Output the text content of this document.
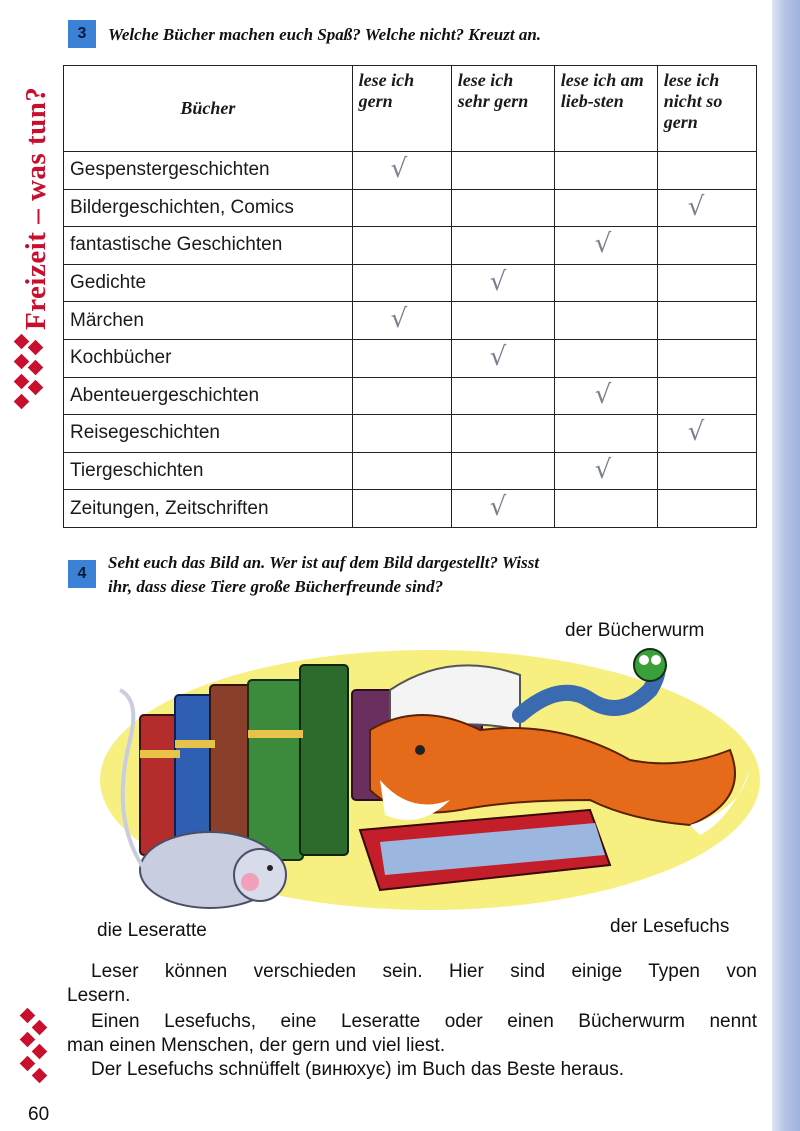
Freizeit – was tun?
3	Welche Bücher machen euch Spaß? Welche nicht? Kreuzt an.
Bücher	lese ich gern	lese ich sehr gern	lese ich am lieb-sten	lese ich nicht so gern
Gespenstergeschichten	√			

Bildergeschichten, Comics				√

fantastische Geschichten			√	

Gedichte		√		

Märchen	√			

Kochbücher		√		

Abenteuergeschichten			√	

Reisegeschichten				√

Tiergeschichten			√	

Zeitungen, Zeitschriften		√		

4
Seht euch das Bild an. Wer ist auf dem Bild dargestellt? Wisst
ihr, dass diese Tiere große Bücherfreunde sind?
der Bücherwurm
die Leseratte	der Lesefuchs
Leser können verschieden sein. Hier sind einige Typen von
Lesern.
Einen Lesefuchs, eine Leseratte oder einen Bücherwurm nennt
man einen Menschen, der gern und viel liest.
Der Lesefuchs schnüffelt (винюхує) im Buch das Beste heraus.
60
